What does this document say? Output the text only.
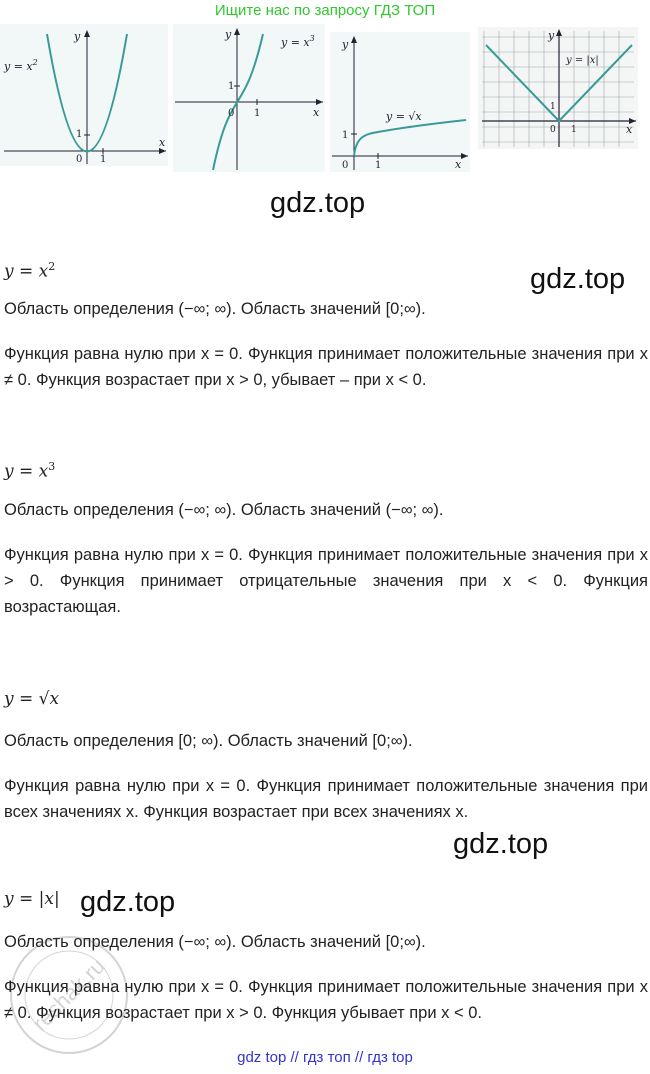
Ищите нас по запросу ГДЗ ТОП
$y = x^2$
y
x
1
0 1
$y = x^3$
y
x
1
0 1	y = √x
y
x
1
0	1
y = |x|
y
x
1
0 1
gdz.top
gdz.top
gdz.top
gdz.top
$y = x^2$
Область определения (−∞; ∞). Область значений [0;∞).
Функция равна нулю при x = 0. Функция принимает положительные значения при x ≠ 0. Функция возрастает при x > 0, убывает – при x < 0.
$y = x^3$
Область определения (−∞; ∞). Область значений (−∞; ∞).
Функция равна нулю при x = 0. Функция принимает положительные значения при x > 0. Функция принимает отрицательные значения при x < 0. Функция возрастающая.
y = √x
Область определения [0; ∞). Область значений [0;∞).
Функция равна нулю при x = 0. Функция принимает положительные значения при всех значениях x. Функция возрастает при всех значениях x.
y = |x|
Область определения (−∞; ∞). Область значений [0;∞).
Функция равна нулю при x = 0. Функция принимает положительные значения при x ≠ 0. Функция возрастает при x > 0. Функция убывает при x < 0.
reshak.ru
gdz top // гдз топ // гдз top
